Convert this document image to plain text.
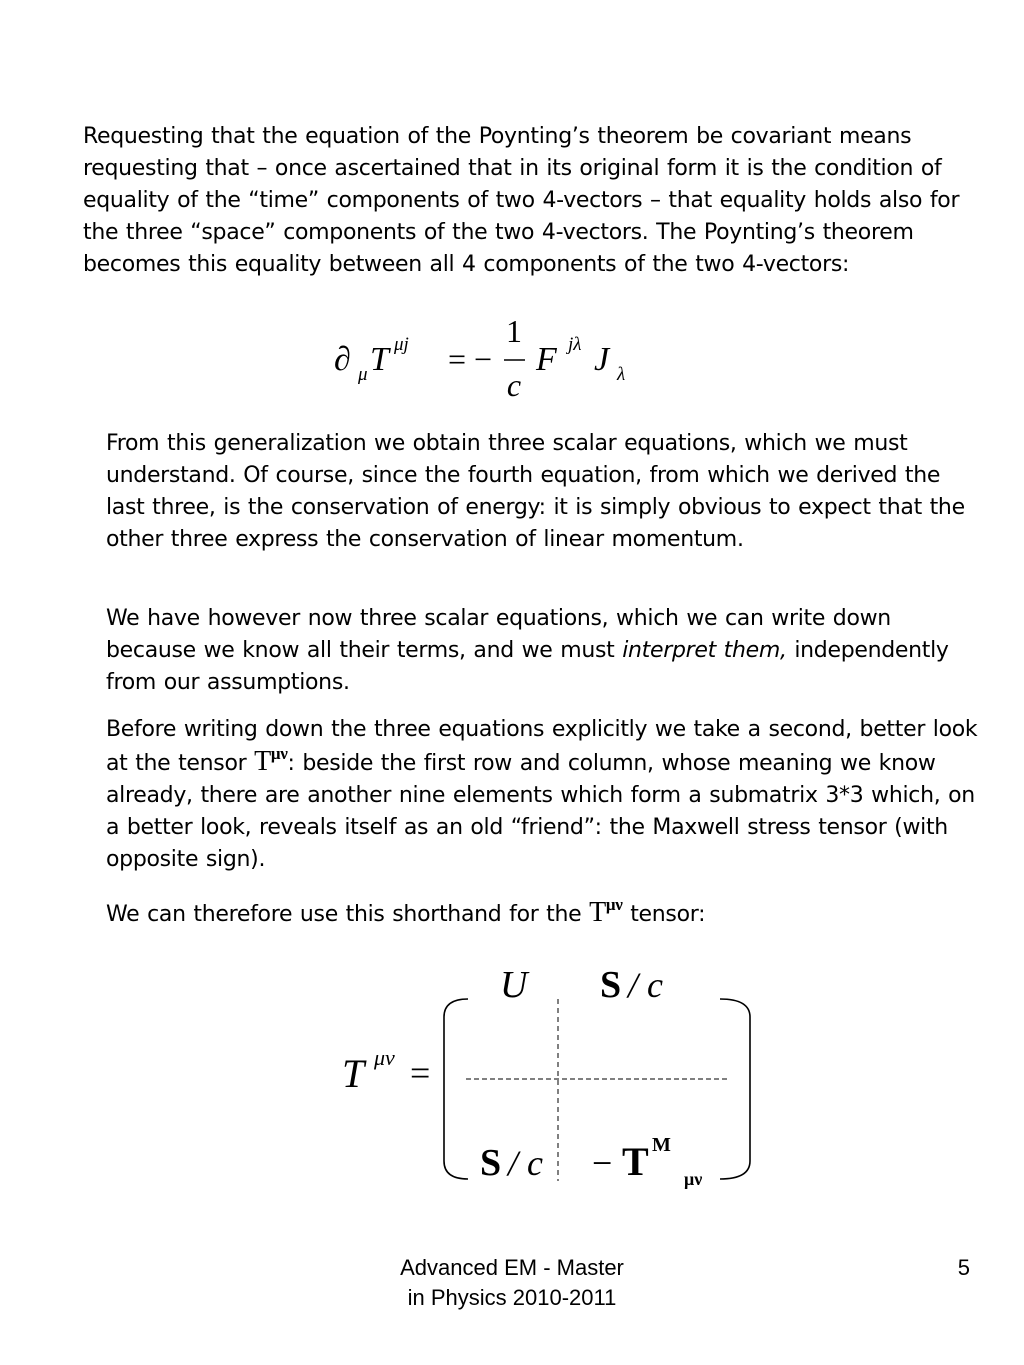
Requesting that the equation of the Poynting’s theorem be covariant means requesting that – once ascertained that in its original form it is the condition of equality of the “time” components of two 4-vectors – that equality holds also for the three “space” components of the two 4-vectors. The Poynting’s theorem becomes this equality between all 4 components of the two 4-vectors:

∂ μ T μj = −
1
c
F jλ J λ

From this generalization we obtain three scalar equations, which we must understand. Of course, since the fourth equation, from which we derived the last three, is the conservation of energy: it is simply obvious to expect that the other three express the conservation of linear momentum.

We have however now three scalar equations, which we can write down because we know all their terms, and we must interpret them, independently from our assumptions.

Before writing down the three equations explicitly we take a second, better look at the tensor $T^{\mu\nu}$: beside the first row and column, whose meaning we know already, there are another nine elements which form a submatrix 3*3 which, on a better look, reveals itself as an old “friend”: the Maxwell stress tensor (with opposite sign).

We can therefore use this shorthand for the $T^{\mu\nu}$ tensor:

T μν =
U S / c
S / c − T M
μν
Advanced EM - Master
in Physics 2010-2011
5
